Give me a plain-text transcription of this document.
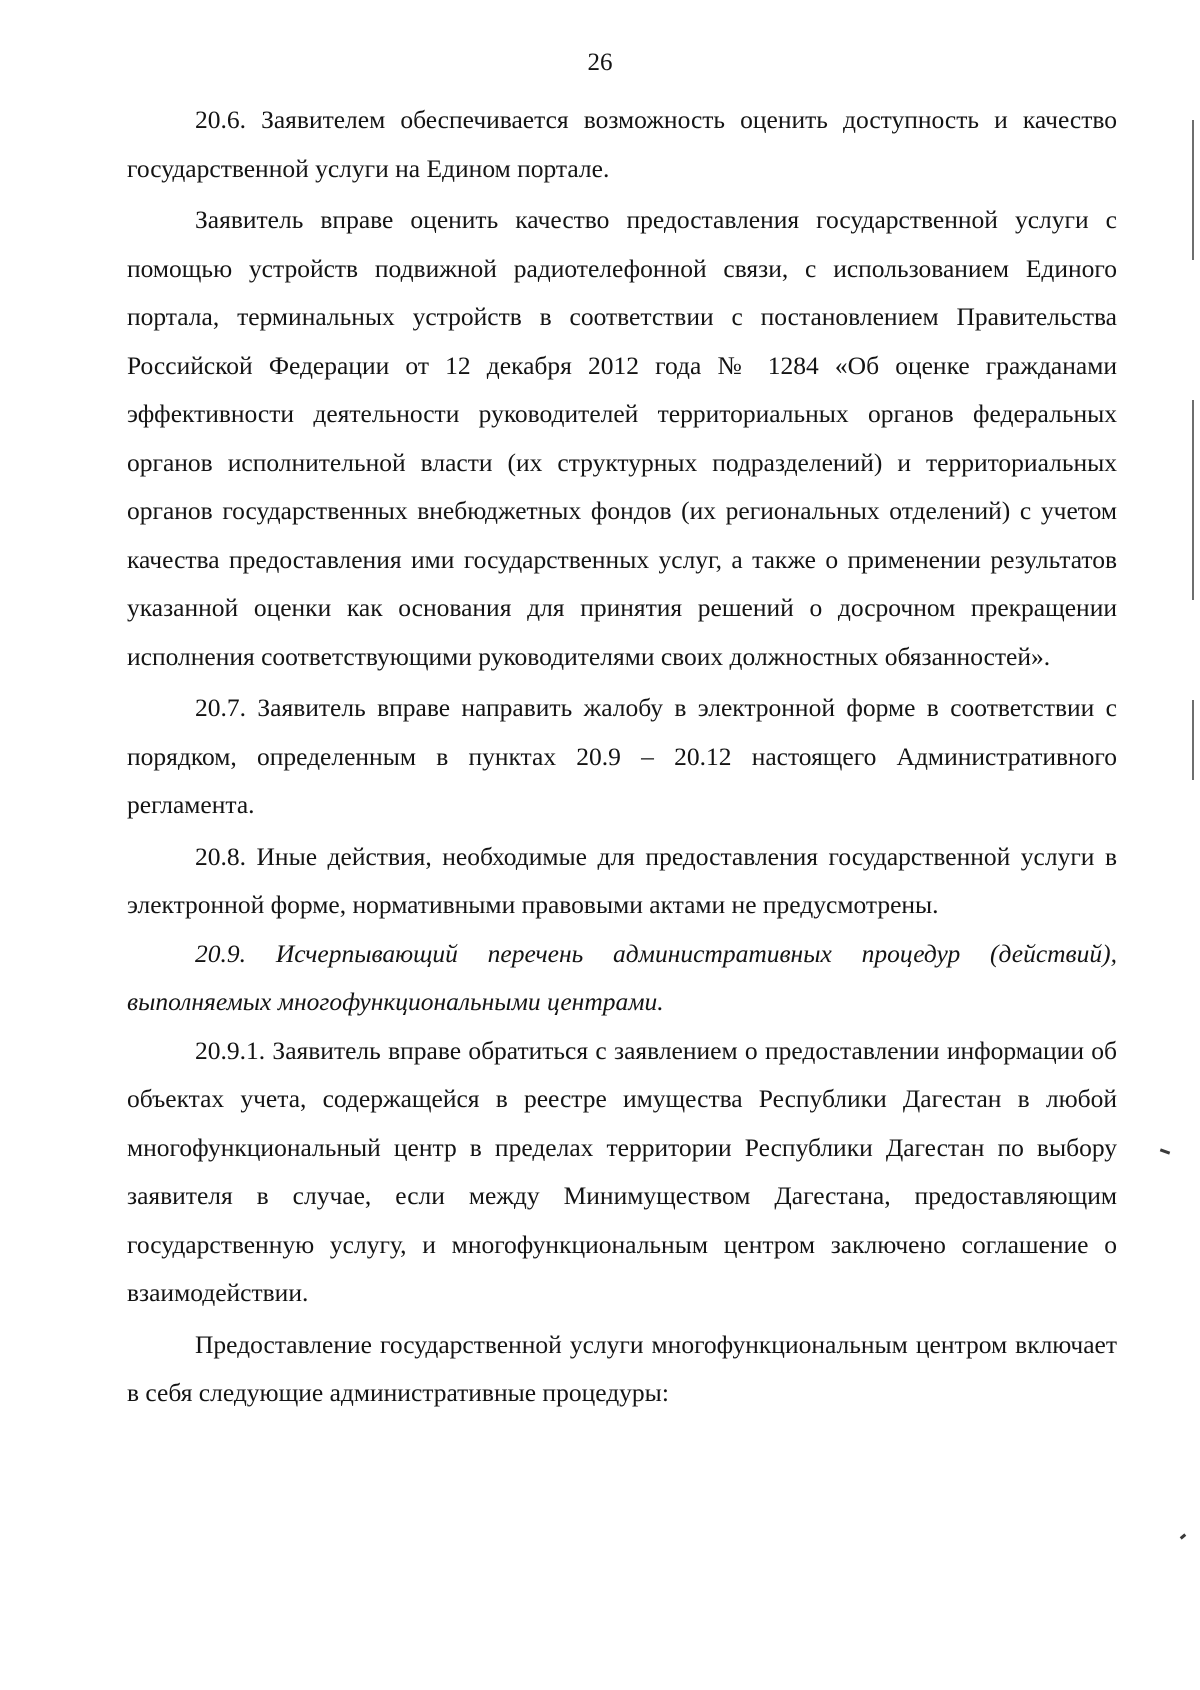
26

20.6. Заявителем обеспечивается возможность оценить доступность и качество государственной услуги на Едином портале.

Заявитель вправе оценить качество предоставления государственной услуги с помощью устройств подвижной радиотелефонной связи, с использованием Единого портала, терминальных устройств в соответствии с постановлением Правительства Российской Федерации от 12 декабря 2012 года № 1284 «Об оценке гражданами эффективности деятельности руководителей территориальных органов федеральных органов исполнительной власти (их структурных подразделений) и территориальных органов государственных внебюджетных фондов (их региональных отделений) с учетом качества предоставления ими государственных услуг, а также о применении результатов указанной оценки как основания для принятия решений о досрочном прекращении исполнения соответствующими руководителями своих должностных обязанностей».

20.7. Заявитель вправе направить жалобу в электронной форме в соответствии с порядком, определенным в пунктах 20.9 – 20.12 настоящего Административного регламента.

20.8. Иные действия, необходимые для предоставления государственной услуги в электронной форме, нормативными правовыми актами не предусмотрены.

20.9. Исчерпывающий перечень административных процедур (действий), выполняемых многофункциональными центрами.

20.9.1. Заявитель вправе обратиться с заявлением о предоставлении информации об объектах учета, содержащейся в реестре имущества Республики Дагестан в любой многофункциональный центр в пределах территории Республики Дагестан по выбору заявителя в случае, если между Минимуществом Дагестана, предоставляющим государственную услугу, и многофункциональным центром заключено соглашение о взаимодействии.

Предоставление государственной услуги многофункциональным центром включает в себя следующие административные процедуры:
